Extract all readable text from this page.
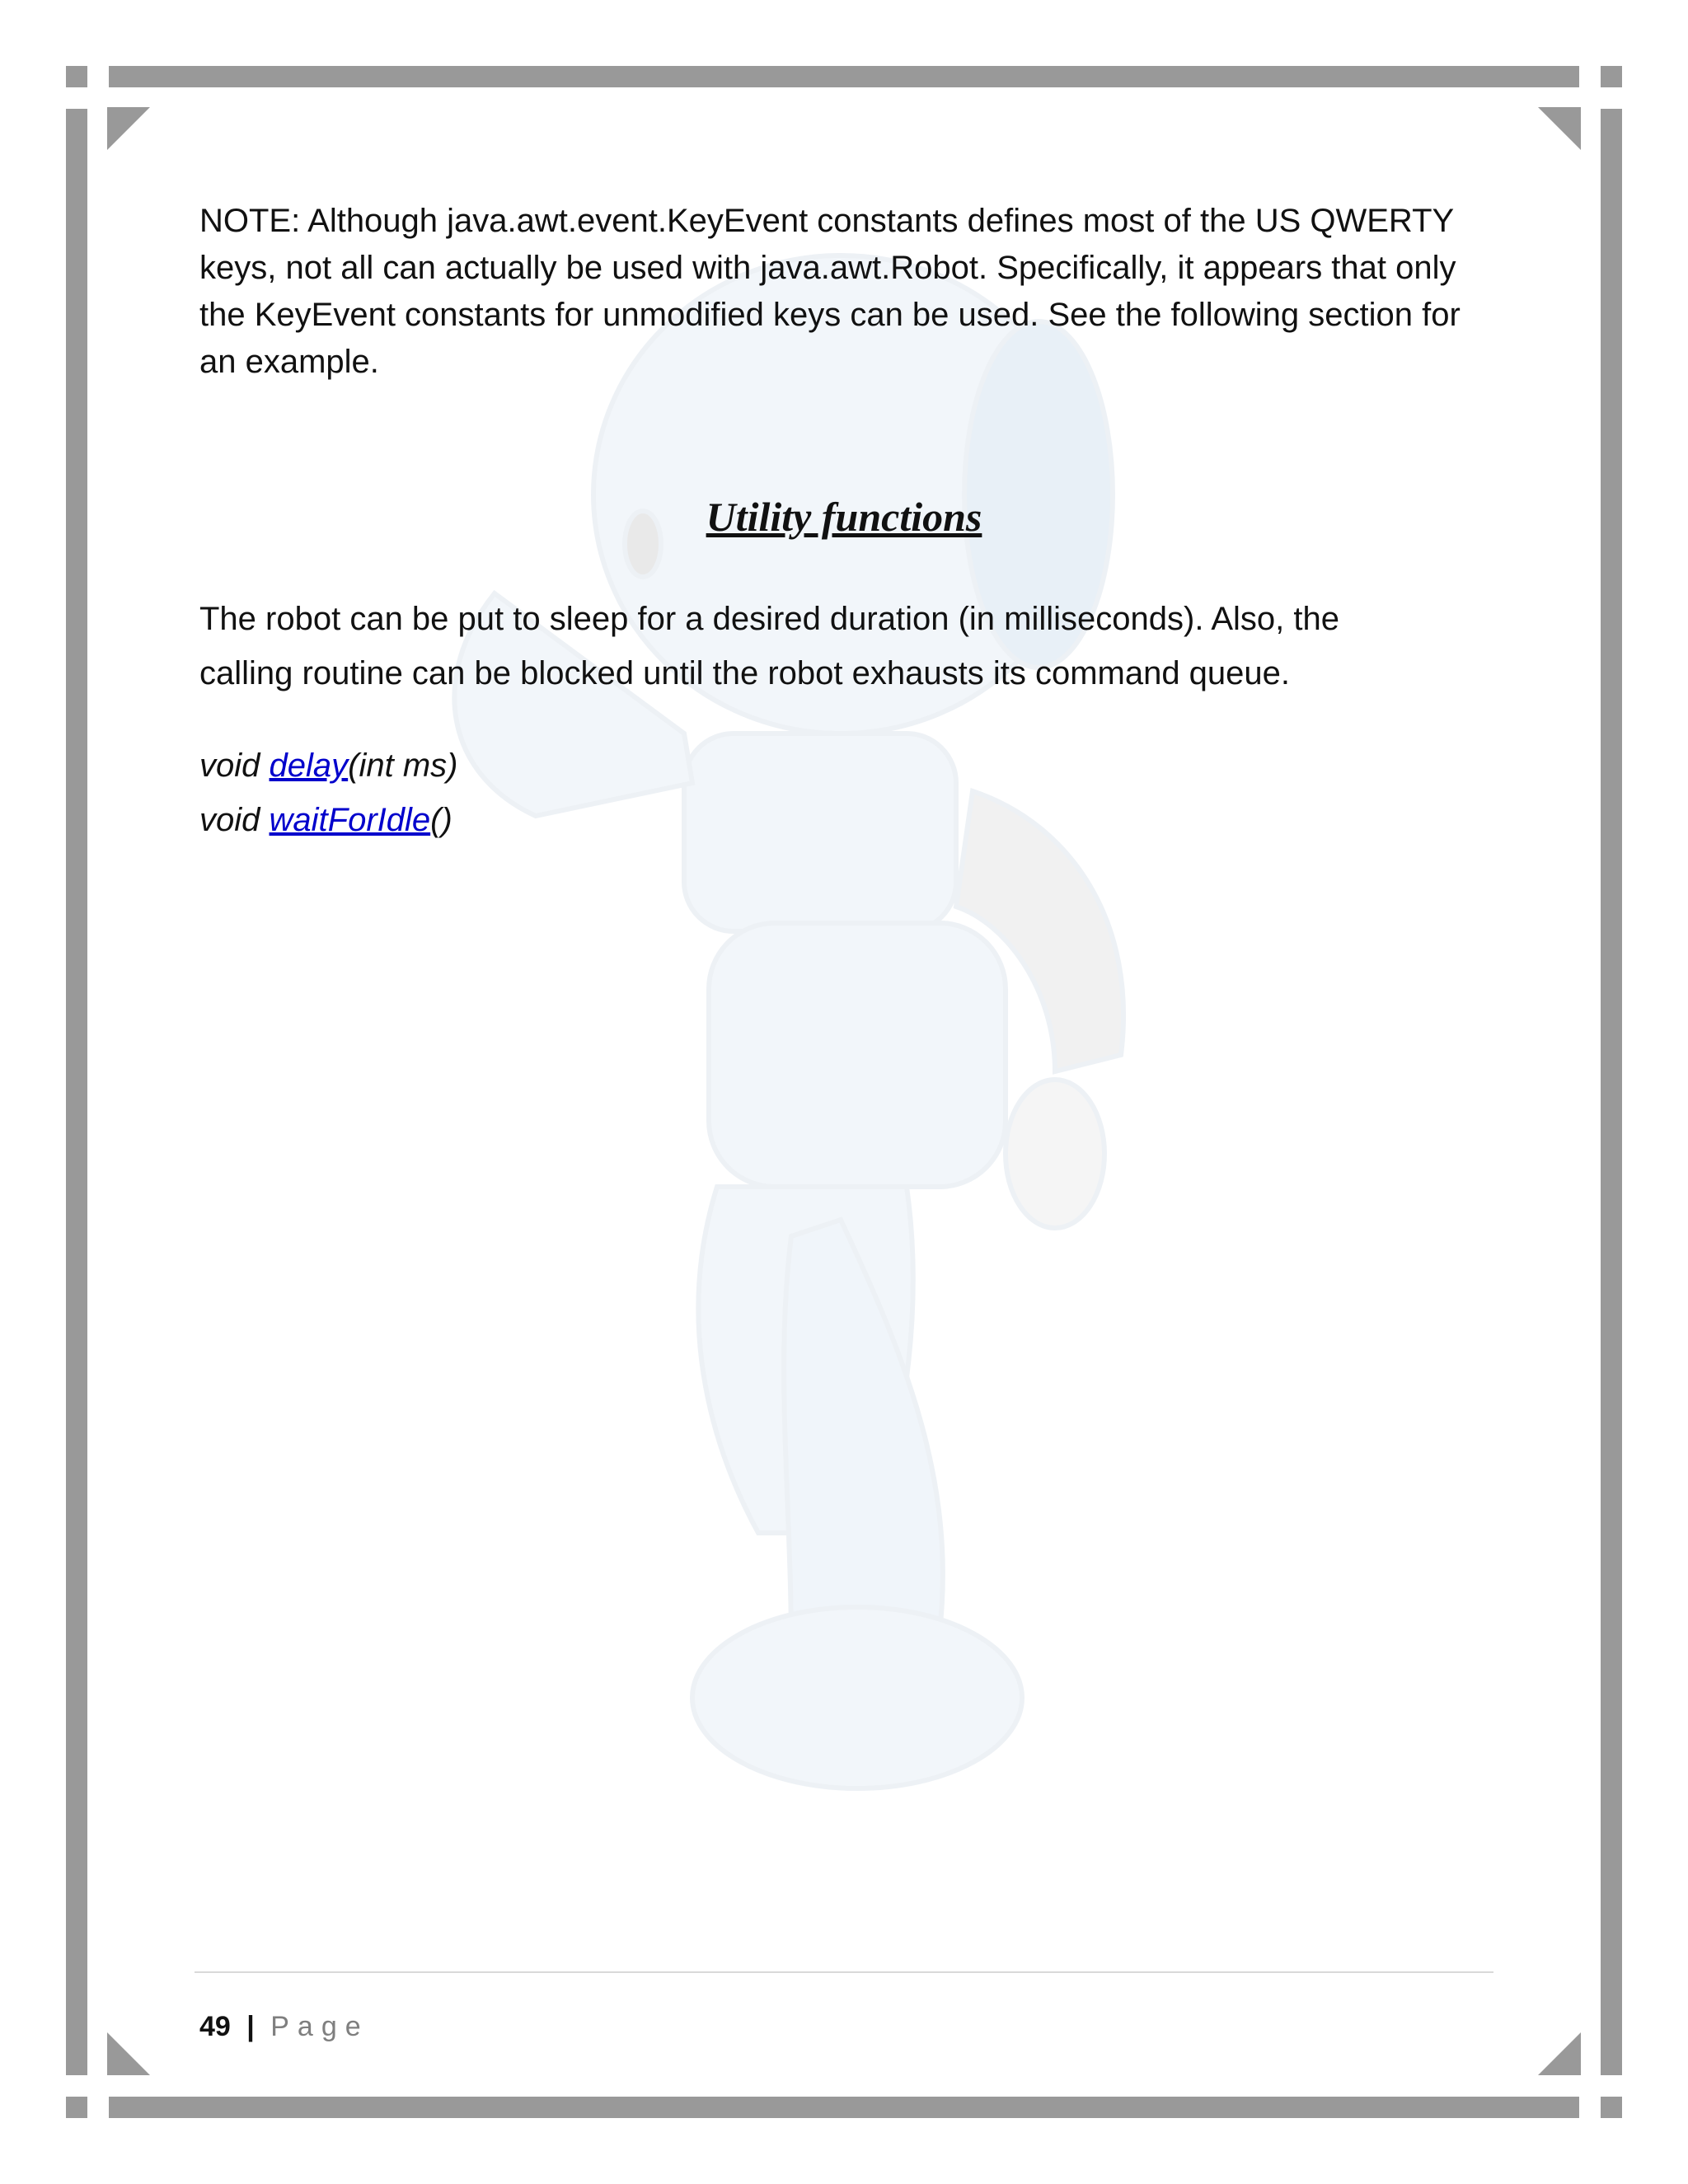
NOTE: Although java.awt.event.KeyEvent constants defines most of the US QWERTY keys, not all can actually be used with java.awt.Robot. Specifically, it appears that only the KeyEvent constants for unmodified keys can be used. See the following section for an example.

Utility functions

The robot can be put to sleep for a desired duration (in milliseconds). Also, the
calling routine can be blocked until the robot exhausts its command queue.

void delay(int ms)
void waitForIdle()
49 | Page
